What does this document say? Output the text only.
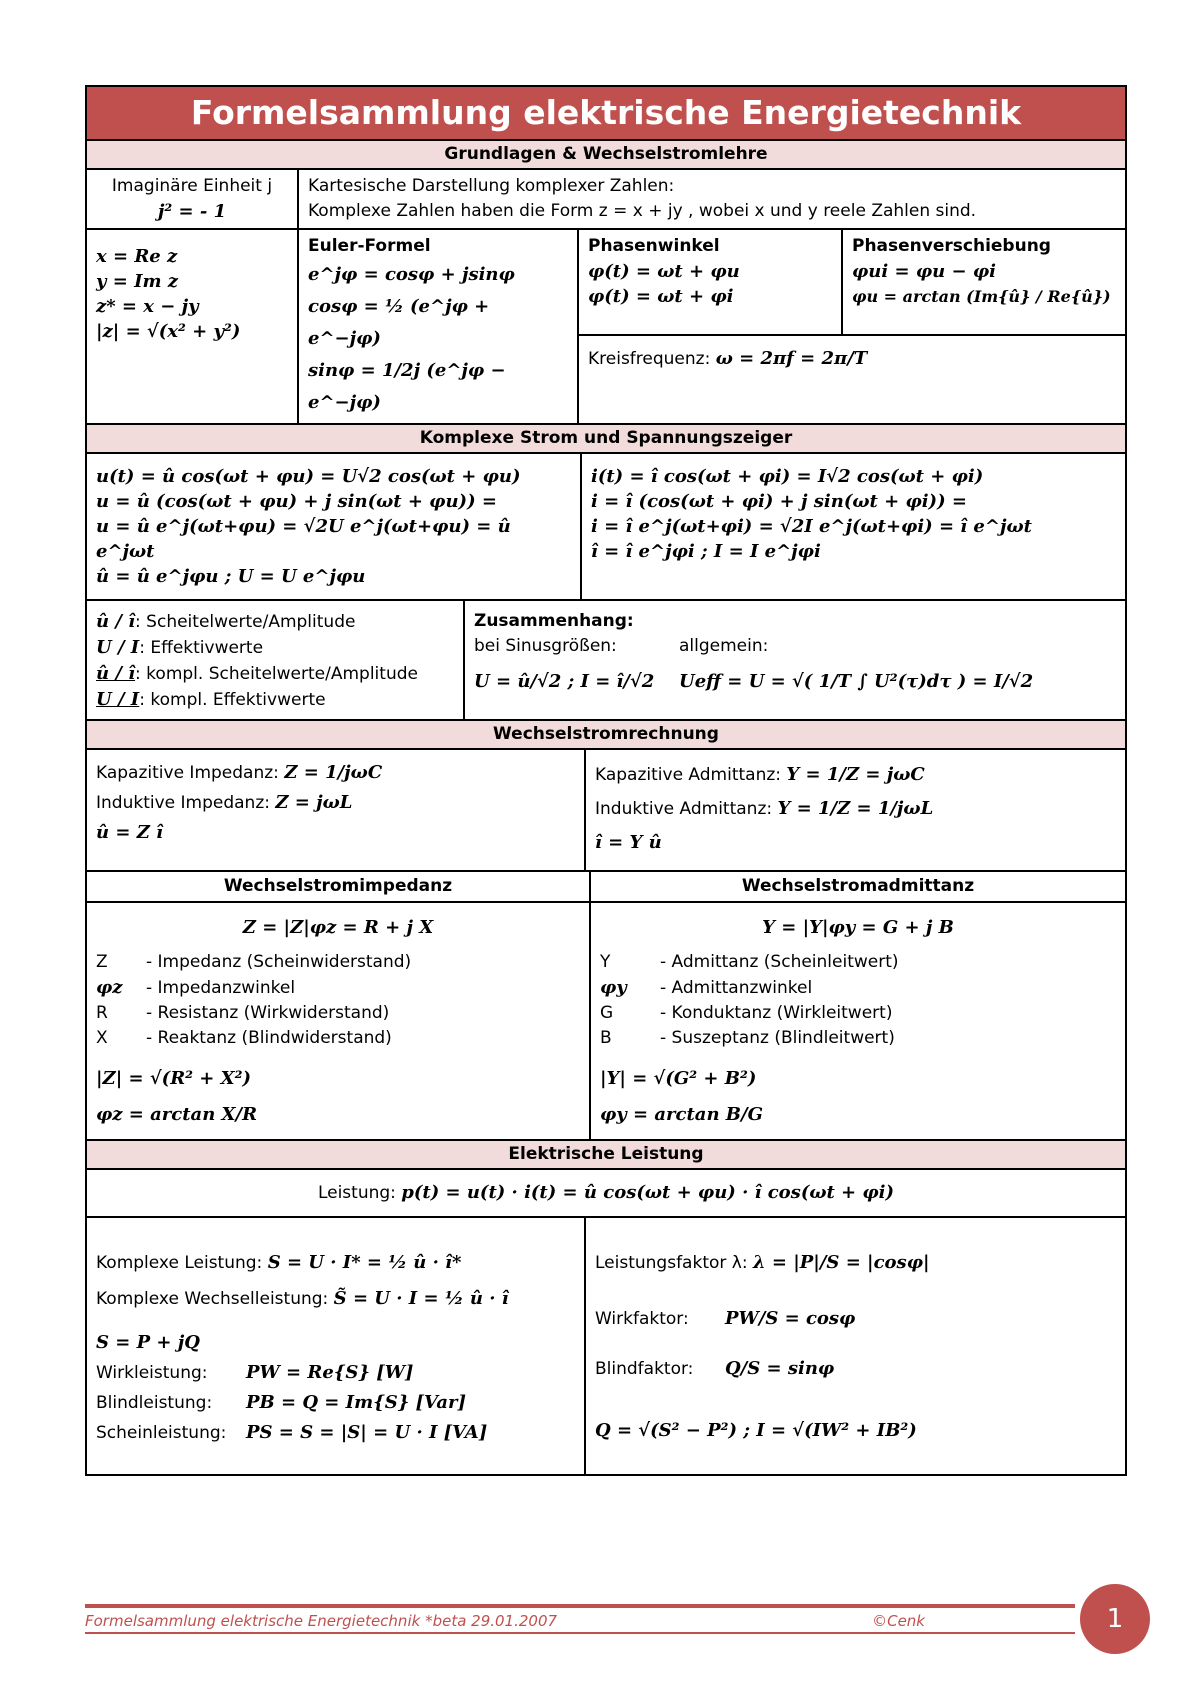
Formelsammlung elektrische Energietechnik
Grundlagen & Wechselstromlehre
Imaginäre Einheit j
j² = - 1
Kartesische Darstellung komplexer Zahlen:
Komplexe Zahlen haben die Form z = x + jy , wobei x und y reele Zahlen sind.
x = Re z
y = Im z
z* = x − jy
|z| = √(x² + y²)
Euler-Formel
e^jφ = cosφ + jsinφ
cosφ = ½ (e^jφ + e^−jφ)
sinφ = 1/2j (e^jφ − e^−jφ)
Phasenwinkel
φ(t) = ωt + φu
φ(t) = ωt + φi
Phasenverschiebung
φui = φu − φi
φu = arctan (Im{û} / Re{û})
Kreisfrequenz: ω = 2πf = 2π/T
Komplexe Strom und Spannungszeiger
u(t) = û cos(ωt + φu) = U√2 cos(ωt + φu)
u = û (cos(ωt + φu) + j sin(ωt + φu)) =
u = û e^j(ωt+φu) = √2U e^j(ωt+φu) = û e^jωt
û = û e^jφu ; U = U e^jφu
i(t) = î cos(ωt + φi) = I√2 cos(ωt + φi)
i = î (cos(ωt + φi) + j sin(ωt + φi)) =
i = î e^j(ωt+φi) = √2I e^j(ωt+φi) = î e^jωt
î = î e^jφi ; I = I e^jφi
û / î: Scheitelwerte/Amplitude
U / I: Effektivwerte
û / î: kompl. Scheitelwerte/Amplitude
U / I: kompl. Effektivwerte
Zusammenhang:
bei Sinusgrößen:	allgemein:
U = û/√2 ; I = î/√2	Ueff = U = √( 1/T ∫ U²(τ)dτ ) = I/√2
Wechselstromrechnung
Kapazitive Impedanz: Z = 1/jωC
Induktive Impedanz: Z = jωL
û = Z î
Kapazitive Admittanz: Y = 1/Z = jωC
Induktive Admittanz: Y = 1/Z = 1/jωL
î = Y û
Wechselstromimpedanz	Wechselstromadmittanz
Z = |Z|φz = R + j X
Z - Impedanz (Scheinwiderstand)
φz - Impedanzwinkel
R - Resistanz (Wirkwiderstand)
X - Reaktanz (Blindwiderstand)
|Z| = √(R² + X²)
φz = arctan X/R
Y = |Y|φy = G + j B
Y	- Admittanz (Scheinleitwert)
φy - Admittanzwinkel
G	- Konduktanz (Wirkleitwert)
B	- Suszeptanz (Blindleitwert)
|Y| = √(G² + B²)
φy = arctan B/G
Elektrische Leistung
Leistung: p(t) = u(t) · i(t) = û cos(ωt + φu) · î cos(ωt + φi)
Komplexe Leistung: S = U · I* = ½ û · î*
Komplexe Wechselleistung: S̃ = U · I = ½ û · î
S = P + jQ
Wirkleistung: PW = Re{S} [W]
Blindleistung: PB = Q = Im{S} [Var]
Scheinleistung: PS = S = |S| = U · I [VA]
Leistungsfaktor λ: λ = |P|/S = |cosφ|
Wirkfaktor: PW/S = cosφ
Blindfaktor: Q/S = sinφ
Q = √(S² − P²) ; I = √(IW² + IB²)
Formelsammlung elektrische Energietechnik *beta 29.01.2007	©Cenk	1
